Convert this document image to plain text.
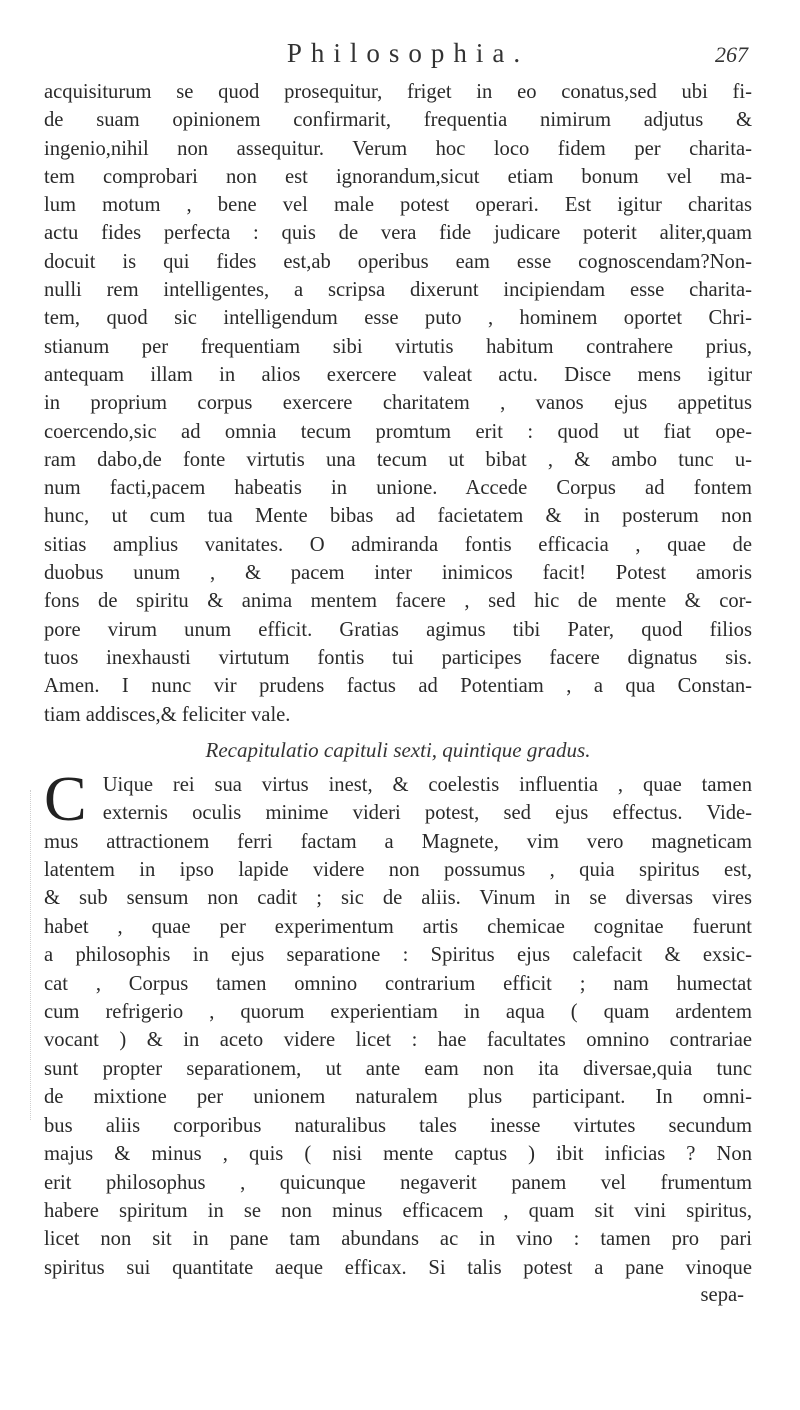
Philosophia.	267
acquisiturum se quod prosequitur, friget in eo conatus,sed ubi fi-
de suam opinionem confirmarit, frequentia nimirum adjutus &
ingenio,nihil non assequitur. Verum hoc loco fidem per charita-
tem comprobari non est ignorandum,sicut etiam bonum vel ma-
lum motum , bene vel male potest operari. Est igitur charitas
actu fides perfecta : quis de vera fide judicare poterit aliter,quam
docuit is qui fides est,ab operibus eam esse cognoscendam?Non-
nulli rem intelligentes, a scripsa dixerunt incipiendam esse charita-
tem, quod sic intelligendum esse puto , hominem oportet Chri-
stianum per frequentiam sibi virtutis habitum contrahere prius,
antequam illam in alios exercere valeat actu. Disce mens igitur
in proprium corpus exercere charitatem , vanos ejus appetitus
coercendo,sic ad omnia tecum promtum erit : quod ut fiat ope-
ram dabo,de fonte virtutis una tecum ut bibat , & ambo tunc u-
num facti,pacem habeatis in unione. Accede Corpus ad fontem
hunc, ut cum tua Mente bibas ad facietatem & in posterum non
sitias amplius vanitates. O admiranda fontis efficacia , quae de
duobus unum , & pacem inter inimicos facit! Potest amoris
fons de spiritu & anima mentem facere , sed hic de mente & cor-
pore virum unum efficit. Gratias agimus tibi Pater, quod filios
tuos inexhausti virtutum fontis tui participes facere dignatus sis.
Amen. I nunc vir prudens factus ad Potentiam , a qua Constan-
tiam addisces,& feliciter vale.
Recapitulatio capituli sexti, quintique gradus.
C Uique rei sua virtus inest, & coelestis influentia , quae tamen
externis oculis minime videri potest, sed ejus effectus. Vide-
mus attractionem ferri factam a Magnete, vim vero magneticam
latentem in ipso lapide videre non possumus , quia spiritus est,
& sub sensum non cadit ; sic de aliis. Vinum in se diversas vires
habet , quae per experimentum artis chemicae cognitae fuerunt
a philosophis in ejus separatione : Spiritus ejus calefacit & exsic-
cat , Corpus tamen omnino contrarium efficit ; nam humectat
cum refrigerio , quorum experientiam in aqua ( quam ardentem
vocant ) & in aceto videre licet : hae facultates omnino contrariae
sunt propter separationem, ut ante eam non ita diversae,quia tunc
de mixtione per unionem naturalem plus participant. In omni-
bus aliis corporibus naturalibus tales inesse virtutes secundum
majus & minus , quis ( nisi mente captus ) ibit inficias ? Non
erit philosophus , quicunque negaverit panem vel frumentum
habere spiritum in se non minus efficacem , quam sit vini spiritus,
licet non sit in pane tam abundans ac in vino : tamen pro pari
spiritus sui quantitate aeque efficax. Si talis potest a pane vinoque
sepa-
